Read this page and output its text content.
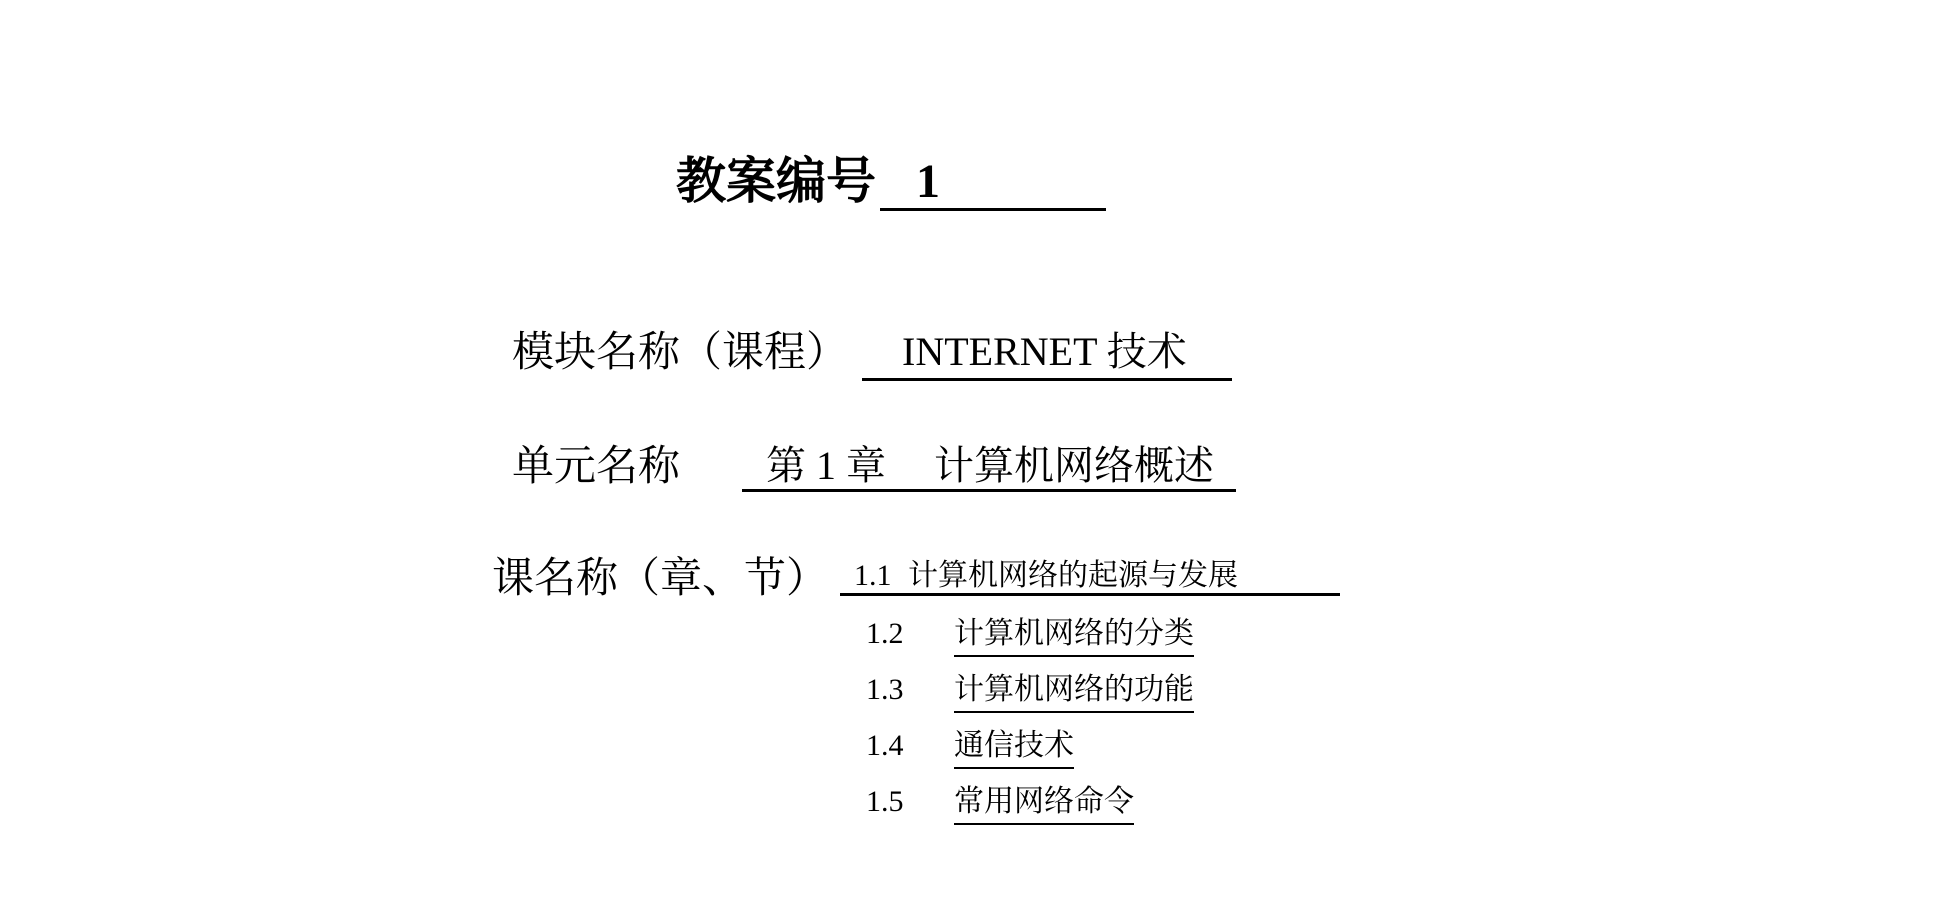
教案编号 1
模块名称（课程）	INTERNET 技术
单元名称 第 1 章 计算机网络概述
课名称（章、节） 1.1 计算机网络的起源与发展
1.2 计算机网络的分类
1.3 计算机网络的功能
1.4 通信技术
1.5 常用网络命令
